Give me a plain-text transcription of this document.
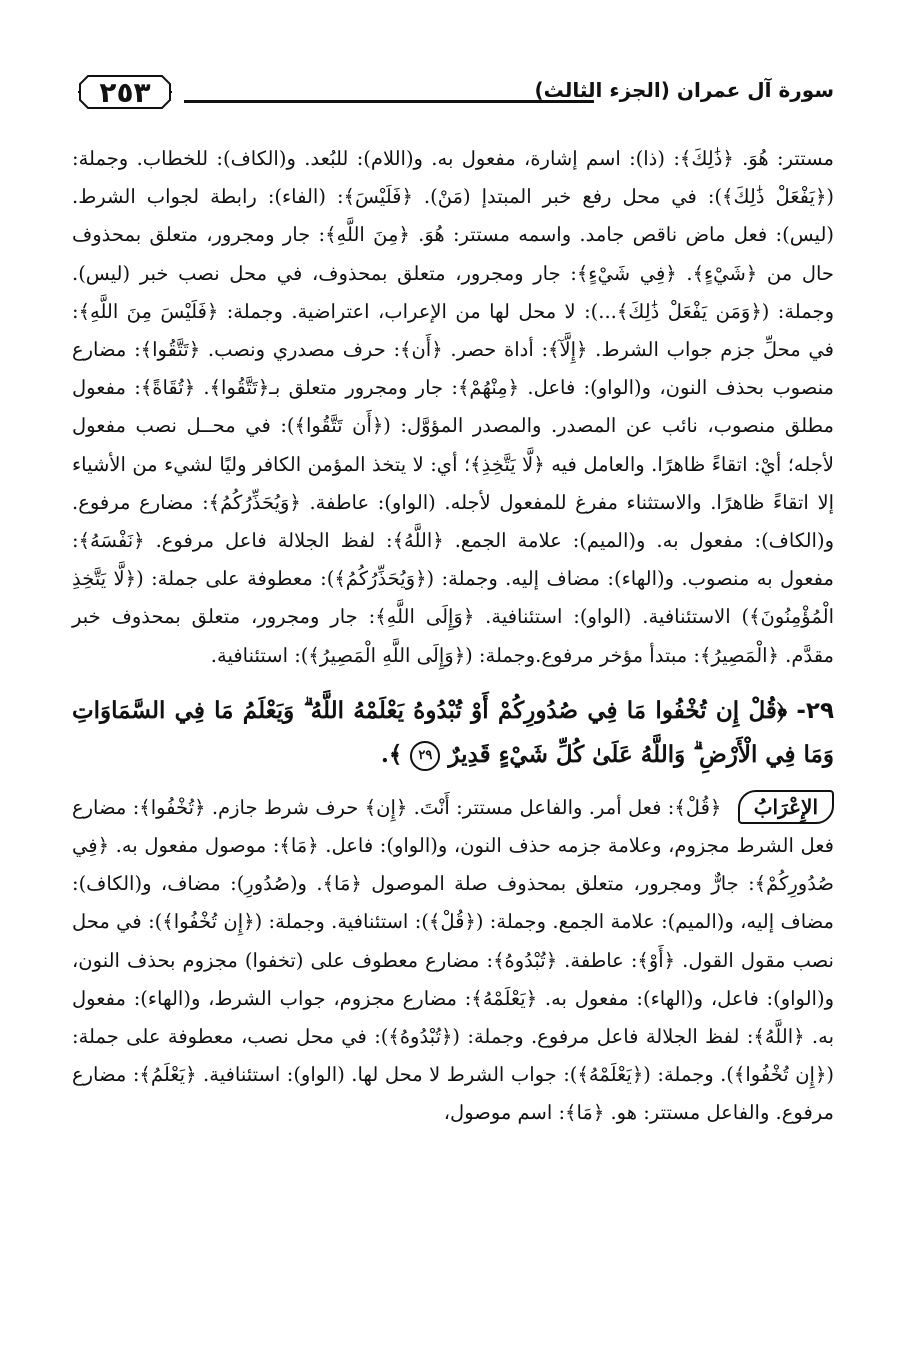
٢٥٣	سورة آل عمران (الجزء الثالث)

مستتر: هُوَ. ﴿ذَٰلِكَ﴾: (ذا): اسم إشارة، مفعول به. و(اللام): للبُعد. و(الكاف): للخطاب. وجملة: (﴿يَفْعَلْ ذَٰلِكَ﴾): في محل رفع خبر المبتدإ (مَنْ). ﴿فَلَيْسَ﴾: (الفاء): رابطة لجواب الشرط. (ليس): فعل ماض ناقص جامد. واسمه مستتر: هُوَ. ﴿مِنَ اللَّهِ﴾: جار ومجرور، متعلق بمحذوف حال من ﴿شَيْءٍ﴾. ﴿فِي شَيْءٍ﴾: جار ومجرور، متعلق بمحذوف، في محل نصب خبر (ليس). وجملة: (﴿وَمَن يَفْعَلْ ذَٰلِكَ﴾...): لا محل لها من الإعراب، اعتراضية. وجملة: ﴿فَلَيْسَ مِنَ اللَّهِ﴾: في محلِّ جزم جواب الشرط. ﴿إِلَّآ﴾: أداة حصر. ﴿أَن﴾: حرف مصدري ونصب. ﴿تَتَّقُوا﴾: مضارع منصوب بحذف النون، و(الواو): فاعل. ﴿مِنْهُمْ﴾: جار ومجرور متعلق بـ﴿تَتَّقُوا﴾. ﴿تُقَاةً﴾: مفعول مطلق منصوب، نائب عن المصدر. والمصدر المؤوَّل: (﴿أَن تَتَّقُوا﴾): في محــل نصب مفعول لأجله؛ أيْ: اتقاءً ظاهرًا. والعامل فيه ﴿لَّا يَتَّخِذِ﴾؛ أي: لا يتخذ المؤمن الكافر وليًا لشيء من الأشياء إلا اتقاءً ظاهرًا. والاستثناء مفرغ للمفعول لأجله. (الواو): عاطفة. ﴿وَيُحَذِّرُكُمُ﴾: مضارع مرفوع. و(الكاف): مفعول به. و(الميم): علامة الجمع. ﴿اللَّهُ﴾: لفظ الجلالة فاعل مرفوع. ﴿نَفْسَهُ﴾: مفعول به منصوب. و(الهاء): مضاف إليه. وجملة: (﴿وَيُحَذِّرُكُمُ﴾): معطوفة على جملة: (﴿لَّا يَتَّخِذِ الْمُؤْمِنُونَ﴾) الاستئنافية. (الواو): استئنافية. ﴿وَإِلَى اللَّهِ﴾: جار ومجرور، متعلق بمحذوف خبر مقدَّم. ﴿الْمَصِيرُ﴾: مبتدأ مؤخر مرفوع.وجملة: (﴿وَإِلَى اللَّهِ الْمَصِيرُ﴾): استئنافية.

٢٩- ﴿قُلْ إِن تُخْفُوا مَا فِي صُدُورِكُمْ أَوْ تُبْدُوهُ يَعْلَمْهُ اللَّهُ ۗ وَيَعْلَمُ مَا فِي السَّمَاوَاتِ وَمَا فِي الْأَرْضِ ۗ وَاللَّهُ عَلَىٰ كُلِّ شَيْءٍ قَدِيرٌ ٢٩ ﴾.

الإِعْرَابُ ﴿قُلْ﴾: فعل أمر. والفاعل مستتر: أَنْتَ. ﴿إِن﴾ حرف شرط جازم. ﴿تُخْفُوا﴾: مضارع فعل الشرط مجزوم، وعلامة جزمه حذف النون، و(الواو): فاعل. ﴿مَا﴾: موصول مفعول به. ﴿فِي صُدُورِكُمْ﴾: جارٌّ ومجرور، متعلق بمحذوف صلة الموصول ﴿مَا﴾. و(صُدُورِ): مضاف، و(الكاف): مضاف إليه، و(الميم): علامة الجمع. وجملة: (﴿قُلْ﴾): استئنافية. وجملة: (﴿إِن تُخْفُوا﴾): في محل نصب مقول القول. ﴿أَوْ﴾: عاطفة. ﴿تُبْدُوهُ﴾: مضارع معطوف على (تخفوا) مجزوم بحذف النون، و(الواو): فاعل، و(الهاء): مفعول به. ﴿يَعْلَمْهُ﴾: مضارع مجزوم، جواب الشرط، و(الهاء): مفعول به. ﴿اللَّهُ﴾: لفظ الجلالة فاعل مرفوع. وجملة: (﴿تُبْدُوهُ﴾): في محل نصب، معطوفة على جملة: (﴿إِن تُخْفُوا﴾). وجملة: (﴿يَعْلَمْهُ﴾): جواب الشرط لا محل لها. (الواو): استئنافية. ﴿يَعْلَمُ﴾: مضارع مرفوع. والفاعل مستتر: هو. ﴿مَا﴾: اسم موصول،
